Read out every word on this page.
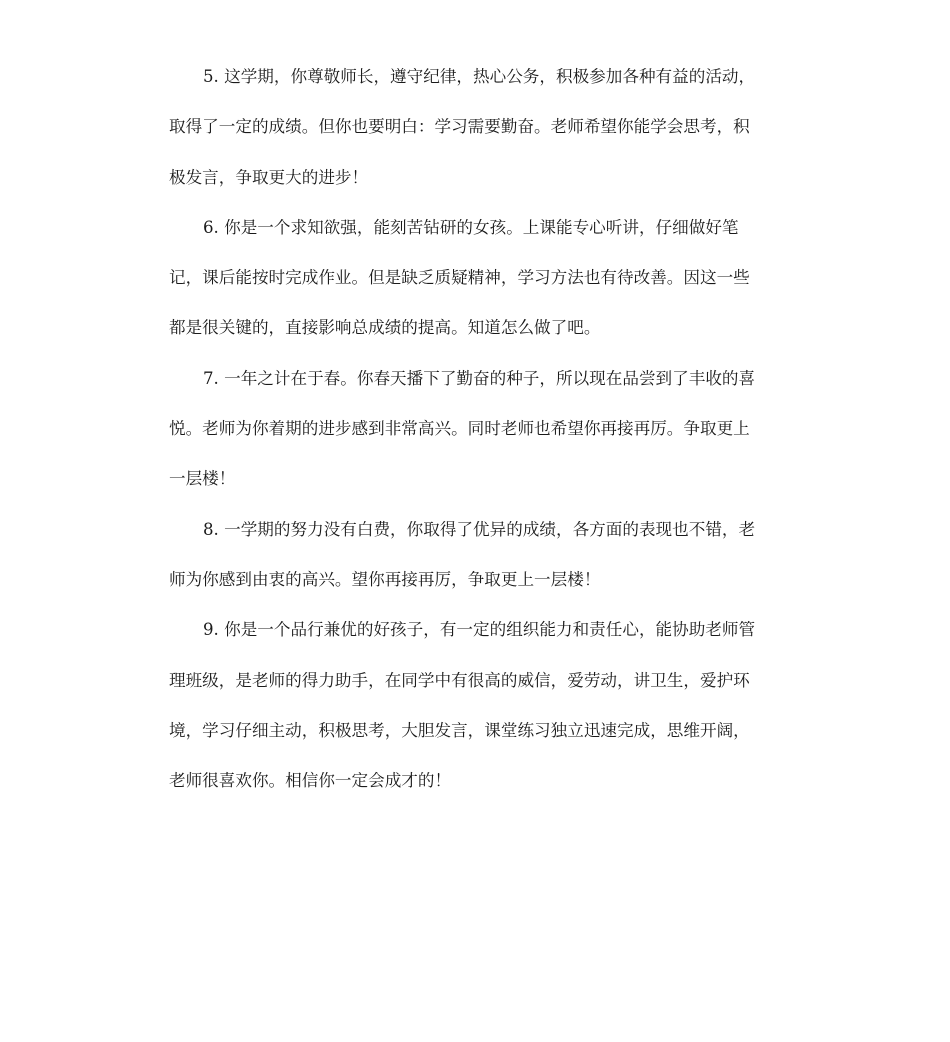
5. 这学期，你尊敬师长，遵守纪律，热心公务，积极参加各种有益的活动，
取得了一定的成绩。但你也要明白：学习需要勤奋。老师希望你能学会思考，积
极发言，争取更大的进步！
6. 你是一个求知欲强，能刻苦钻研的女孩。上课能专心听讲，仔细做好笔
记，课后能按时完成作业。但是缺乏质疑精神，学习方法也有待改善。因这一些
都是很关键的，直接影响总成绩的提高。知道怎么做了吧。
7. 一年之计在于春。你春天播下了勤奋的种子，所以现在品尝到了丰收的喜
悦。老师为你着期的进步感到非常高兴。同时老师也希望你再接再厉。争取更上
一层楼！
8. 一学期的努力没有白费，你取得了优异的成绩，各方面的表现也不错，老
师为你感到由衷的高兴。望你再接再厉，争取更上一层楼！
9. 你是一个品行兼优的好孩子，有一定的组织能力和责任心，能协助老师管
理班级，是老师的得力助手，在同学中有很高的威信，爱劳动，讲卫生，爱护环
境，学习仔细主动，积极思考，大胆发言，课堂练习独立迅速完成，思维开阔，
老师很喜欢你。相信你一定会成才的！
